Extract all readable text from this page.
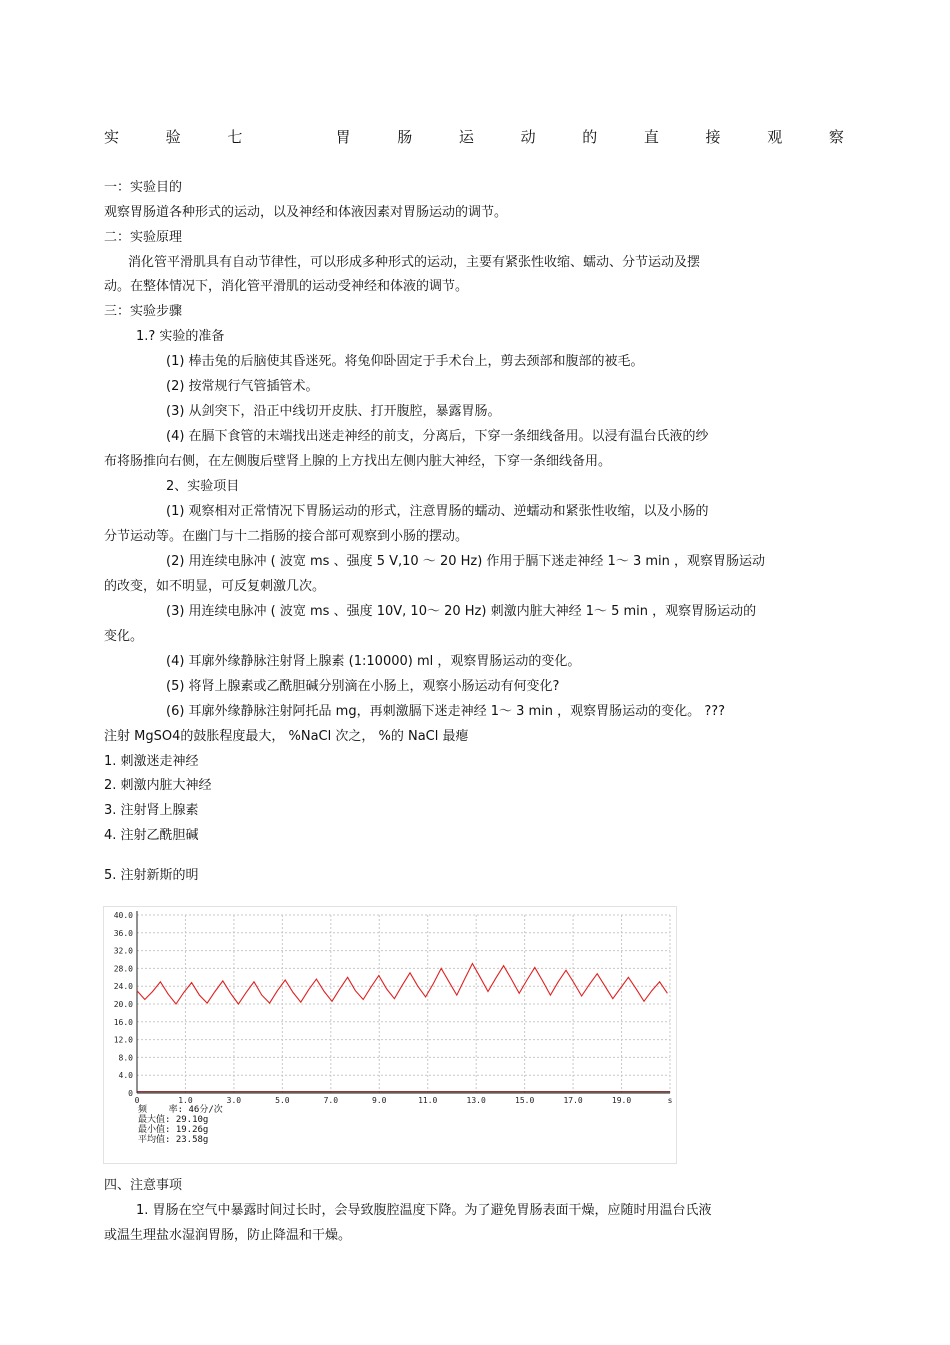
实	验	七	胃	肠	运	动	的	直	接	观	察
一：实验目的
观察胃肠道各种形式的运动，以及神经和体液因素对胃肠运动的调节。
二：实验原理
消化管平滑肌具有自动节律性，可以形成多种形式的运动，主要有紧张性收缩、蠕动、分节运动及摆
动。在整体情况下，消化管平滑肌的运动受神经和体液的调节。
三：实验步骤
1.? 实验的准备
(1) 棒击兔的后脑使其昏迷死。将兔仰卧固定于手术台上，剪去颈部和腹部的被毛。
(2) 按常规行气管插管术。
(3) 从剑突下，沿正中线切开皮肤、打开腹腔，暴露胃肠。
(4) 在膈下食管的末端找出迷走神经的前支，分离后，下穿一条细线备用。以浸有温台氏液的纱
布将肠推向右侧，在左侧腹后壁肾上腺的上方找出左侧内脏大神经，下穿一条细线备用。
2、实验项目
(1) 观察相对正常情况下胃肠运动的形式，注意胃肠的蠕动、逆蠕动和紧张性收缩，以及小肠的
分节运动等。在幽门与十二指肠的接合部可观察到小肠的摆动。
(2) 用连续电脉冲 ( 波宽 ms 、强度 5 V,10 ～ 20 Hz) 作用于膈下迷走神经 1～ 3 min ，观察胃肠运动
的改变，如不明显，可反复刺激几次。
(3) 用连续电脉冲 ( 波宽 ms 、强度 10V, 10～ 20 Hz) 刺激内脏大神经 1～ 5 min ，观察胃肠运动的
变化。
(4) 耳廓外缘静脉注射肾上腺素 (1:10000) ml ，观察胃肠运动的变化。
(5) 将肾上腺素或乙酰胆碱分别滴在小肠上，观察小肠运动有何变化?
(6) 耳廓外缘静脉注射阿托品 mg，再刺激膈下迷走神经 1～ 3 min ，观察胃肠运动的变化。 ???
注射 MgSO4的鼓胀程度最大， %NaCl 次之， %的 NaCl 最瘪
1. 刺激迷走神经
2. 刺激内脏大神经
3. 注射肾上腺素
4. 注射乙酰胆碱
5. 注射新斯的明
四、注意事项
1. 胃肠在空气中暴露时间过长时，会导致腹腔温度下降。为了避免胃肠表面干燥，应随时用温台氏液
或温生理盐水湿润胃肠，防止降温和干燥。
0
4.0
8.0
12.0
16.0
20.0
24.0
28.0
32.0
36.0
40.0
0	1.0	3.0	5.0	7.0	9.0	11.0	13.0	15.0	17.0	19.0	s
频    率: 46分/次
最大值: 29.10g
最小值: 19.26g
平均值: 23.58g
